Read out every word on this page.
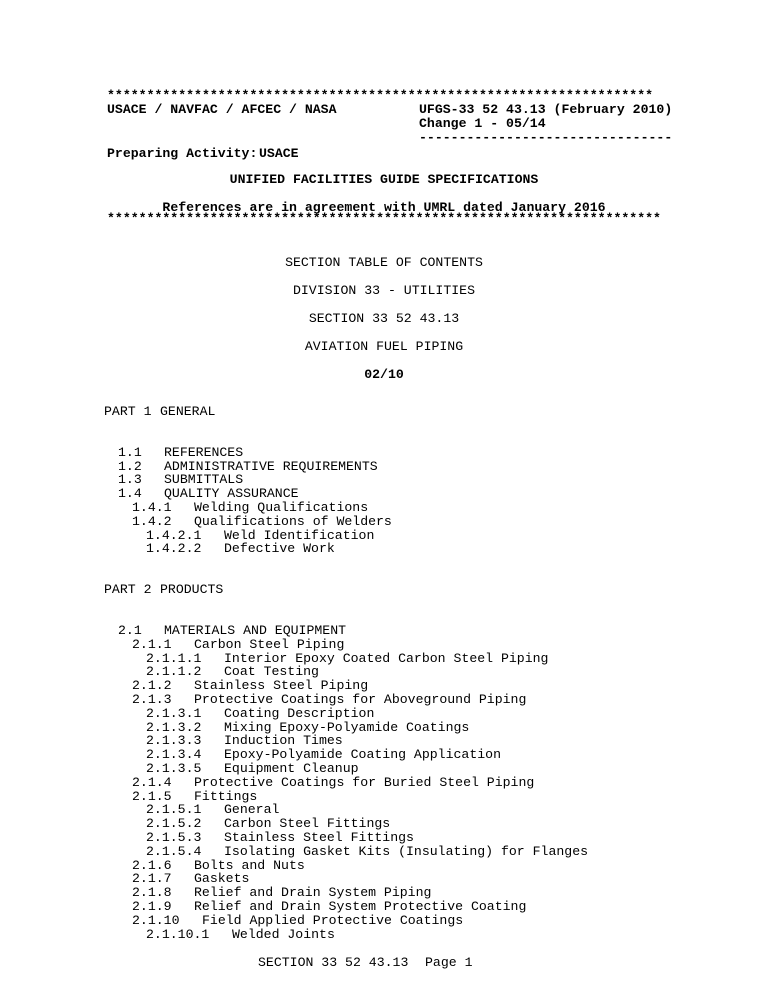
*********************************************************************
USACE / NAVFAC / AFCEC / NASA	UFGS-33 52 43.13 (February 2010)
Change 1 - 05/14
--------------------------------
Preparing Activity: USACE
UNIFIED FACILITIES GUIDE SPECIFICATIONS
References are in agreement with UMRL dated January 2016
**********************************************************************
SECTION TABLE OF CONTENTS
DIVISION 33 - UTILITIES
SECTION 33 52 43.13
AVIATION FUEL PIPING
02/10
PART 1 GENERAL
1.1 REFERENCES
1.2 ADMINISTRATIVE REQUIREMENTS
1.3 SUBMITTALS
1.4 QUALITY ASSURANCE
1.4.1 Welding Qualifications
1.4.2 Qualifications of Welders
1.4.2.1 Weld Identification
1.4.2.2 Defective Work
PART 2 PRODUCTS
2.1 MATERIALS AND EQUIPMENT
2.1.1 Carbon Steel Piping
2.1.1.1 Interior Epoxy Coated Carbon Steel Piping
2.1.1.2 Coat Testing
2.1.2 Stainless Steel Piping
2.1.3 Protective Coatings for Aboveground Piping
2.1.3.1 Coating Description
2.1.3.2 Mixing Epoxy-Polyamide Coatings
2.1.3.3 Induction Times
2.1.3.4 Epoxy-Polyamide Coating Application
2.1.3.5 Equipment Cleanup
2.1.4 Protective Coatings for Buried Steel Piping
2.1.5 Fittings
2.1.5.1 General
2.1.5.2 Carbon Steel Fittings
2.1.5.3 Stainless Steel Fittings
2.1.5.4 Isolating Gasket Kits (Insulating) for Flanges
2.1.6 Bolts and Nuts
2.1.7 Gaskets
2.1.8 Relief and Drain System Piping
2.1.9 Relief and Drain System Protective Coating
2.1.10 Field Applied Protective Coatings
2.1.10.1 Welded Joints
SECTION 33 52 43.13 Page 1
